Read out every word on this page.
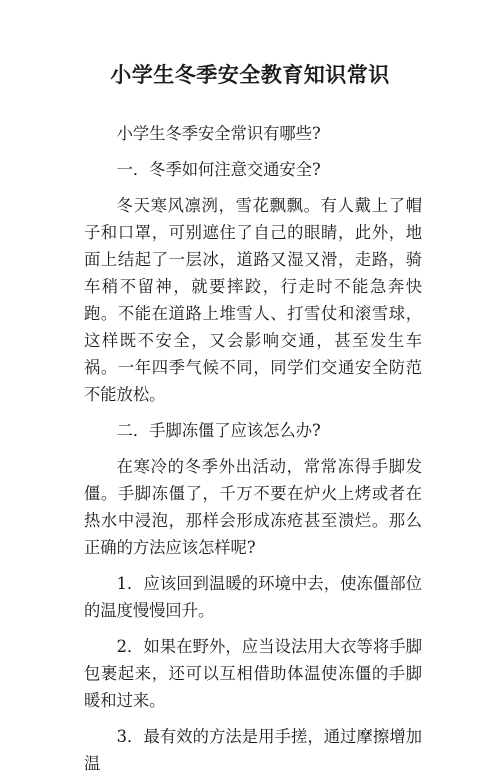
小学生冬季安全教育知识常识

小学生冬季安全常识有哪些?

一．冬季如何注意交通安全?

冬天寒风凛洌，雪花飘飘。有人戴上了帽子和口罩，可别遮住了自己的眼睛，此外，地面上结起了一层冰，道路又湿又滑，走路，骑车稍不留神，就要摔跤，行走时不能急奔快跑。不能在道路上堆雪人、打雪仗和滚雪球，这样既不安全，又会影响交通，甚至发生车祸。一年四季气候不同，同学们交通安全防范不能放松。

二．手脚冻僵了应该怎么办?

在寒冷的冬季外出活动，常常冻得手脚发僵。手脚冻僵了，千万不要在炉火上烤或者在热水中浸泡，那样会形成冻疮甚至溃烂。那么正确的方法应该怎样呢?

1．应该回到温暖的环境中去，使冻僵部位的温度慢慢回升。

2．如果在野外，应当设法用大衣等将手脚包裹起来，还可以互相借助体温使冻僵的手脚暖和过来。

3．最有效的方法是用手搓，通过摩擦增加温
